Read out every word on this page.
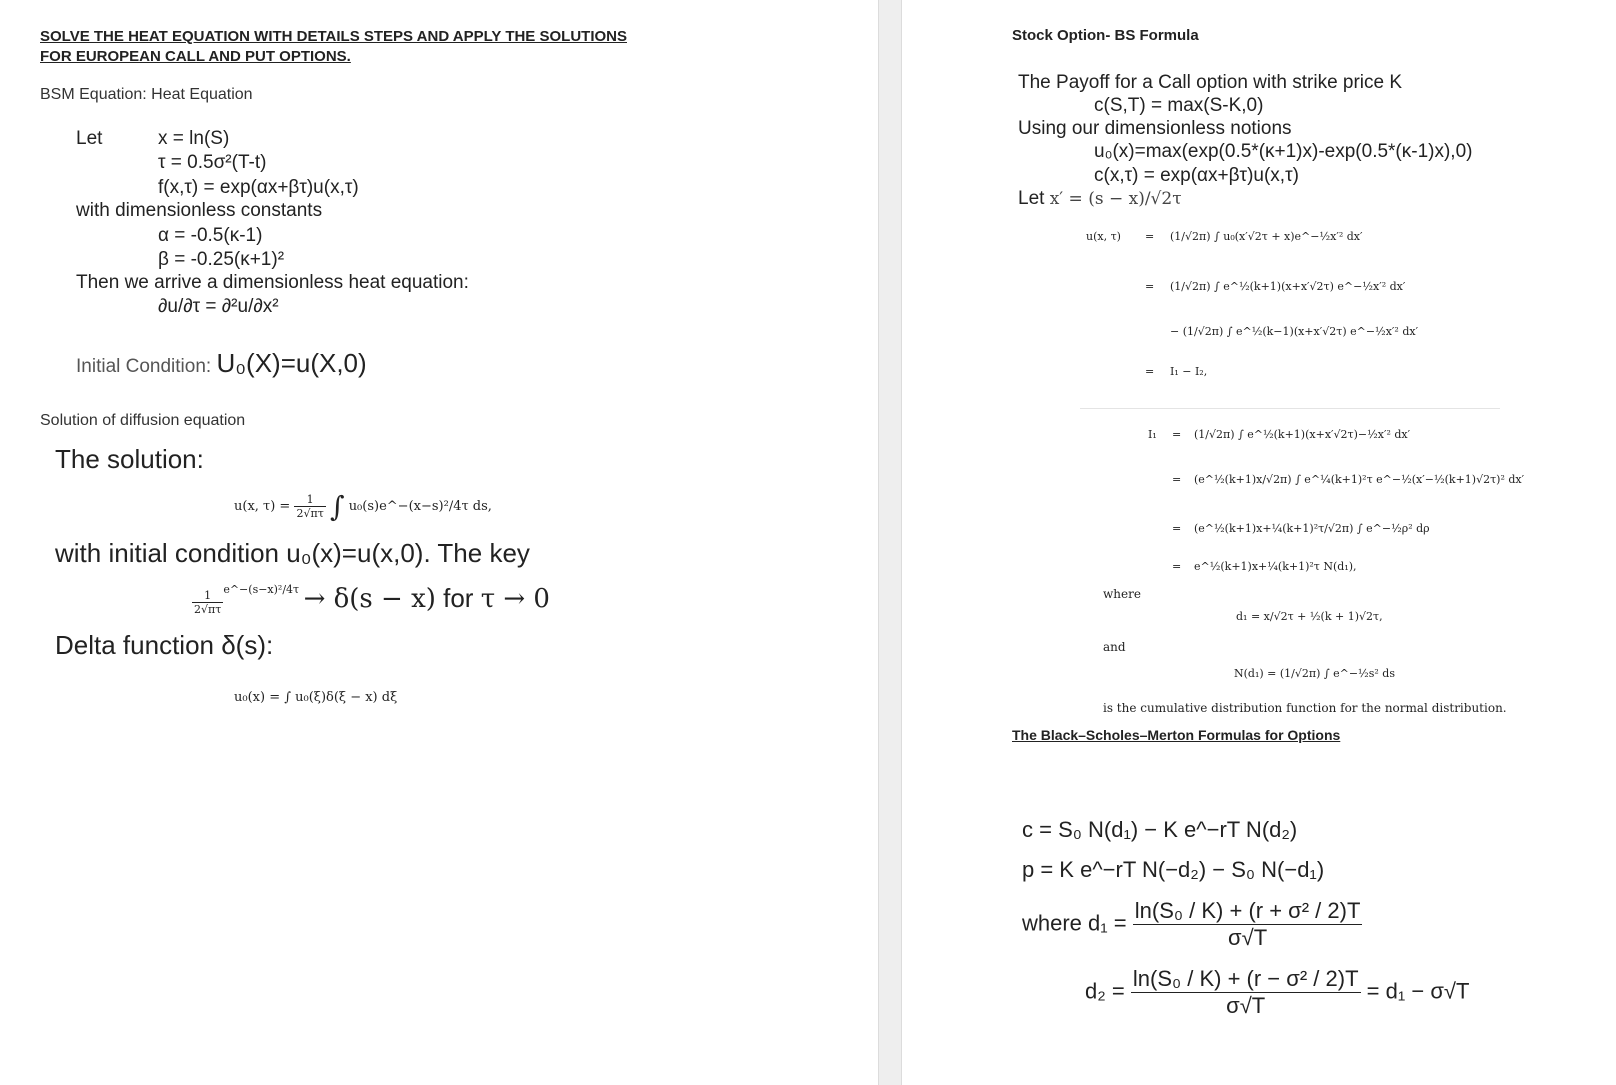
SOLVE THE HEAT EQUATION WITH DETAILS STEPS AND APPLY THE SOLUTIONS
FOR EUROPEAN CALL AND PUT OPTIONS.
BSM Equation: Heat Equation
Let	x = ln(S)
τ = 0.5σ²(T-t)
f(x,τ) = exp(αx+βτ)u(x,τ)
with dimensionless constants
α = -0.5(κ-1)
β = -0.25(κ+1)²
Then we arrive a dimensionless heat equation:
∂u/∂τ = ∂²u/∂x²
Initial Condition: U₀(X)=u(X,0)
Solution of diffusion equation
The solution:
u(x, $\tau) = \frac{1}{2√\pi\tau}$ ∫ u₀(s)e^−(x−s)²/4τ ds,
with initial condition u₀(x)=u(x,0). The key
$\frac{1}{2√\pi\tau} ^{e\^{}-(s-x)^2/4\tau} \to \delta(s - x)$ for τ → 0
Delta function δ(s):
u₀(x) = ∫ u₀(ξ)δ(ξ − x) dξ
Stock Option- BS Formula
The Payoff for a Call option with strike price K
c(S,T) = max(S-K,0)
Using our dimensionless notions
u₀(x)=max(exp(0.5*(κ+1)x)-exp(0.5*(κ-1)x),0)
c(x,τ) = exp(αx+βτ)u(x,τ)
Let x′ = (s − x)/√2τ
u(x, τ) = (1/√2π) ∫ u₀(x′√2τ + x)e^−½x′² dx′
= (1/√2π) ∫ e^½(k+1)(x+x′√2τ) e^−½x′² dx′
− (1/√2π) ∫ e^½(k−1)(x+x′√2τ) e^−½x′² dx′
= I₁ − I₂,
I₁ = (1/√2π) ∫ e^½(k+1)(x+x′√2τ)−½x′² dx′
= (e^½(k+1)x/√2π) ∫ e^¼(k+1)²τ e^−½(x′−½(k+1)√2τ)² dx′
= (e^½(k+1)x+¼(k+1)²τ/√2π) ∫ e^−½ρ² dρ
= e^½(k+1)x+¼(k+1)²τ N(d₁),
where
d₁ = x/√2τ + ½(k + 1)√2τ,
and
N(d₁) = (1/√2π) ∫ e^−½s² ds
is the cumulative distribution function for the normal distribution.
The Black–Scholes–Merton Formulas for Options
c = S₀ N(d₁) − K e^−rT N(d₂)
p = K e^−rT N(−d₂) − S₀ N(−d₁)
where $d_1 = \frac{\text{ln(S₀ / K) + (r + σ² / 2)T}}{\sigma√T}$
$d_2 = \frac{\text{ln(S₀ / K) + (r − σ² / 2)T}}{\sigma√T} = d_1 - \sigma√T$
